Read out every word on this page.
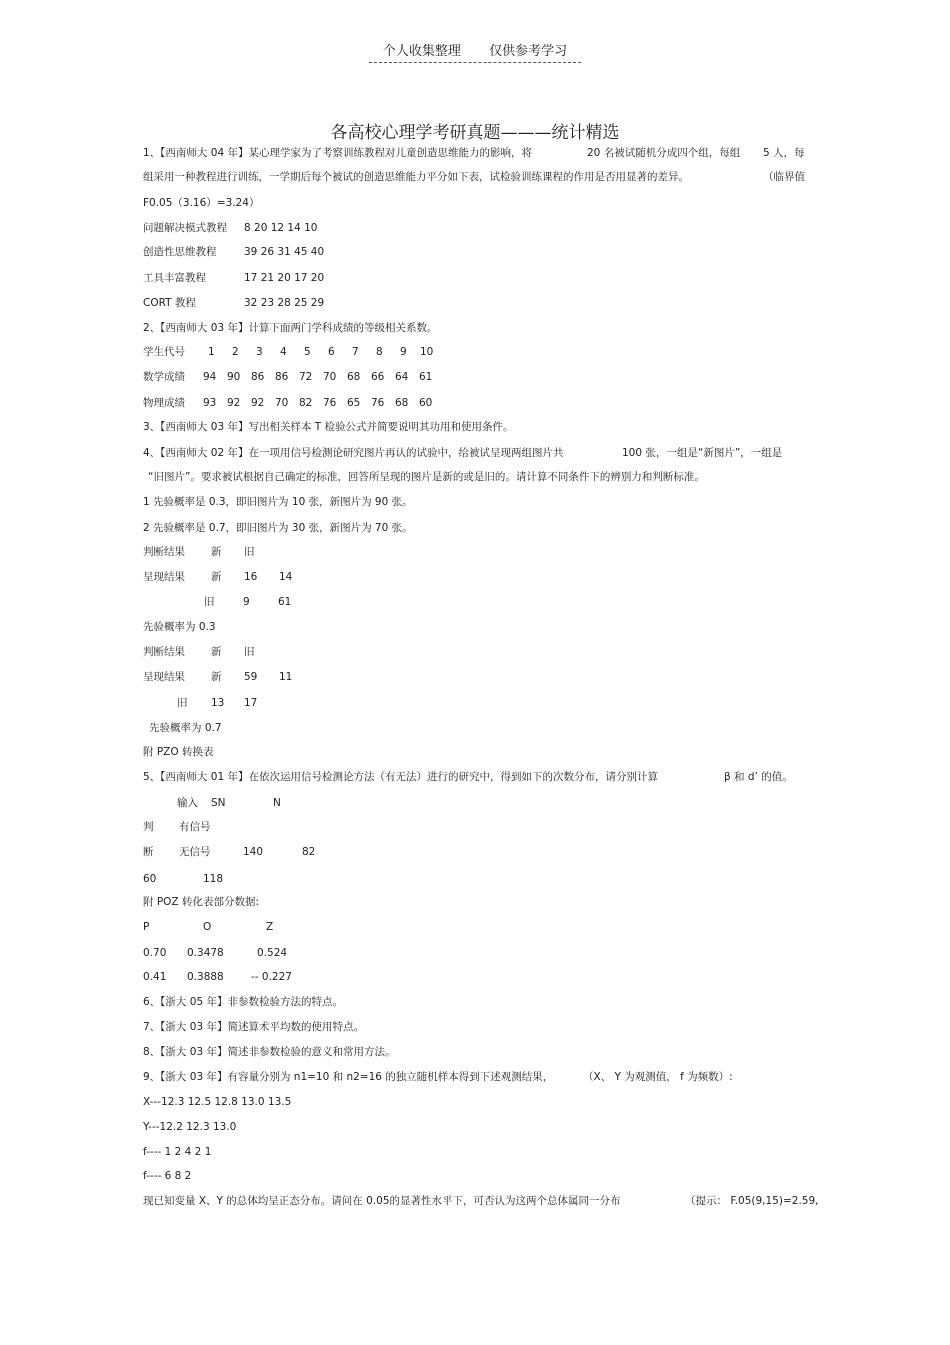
个人收集整理 仅供参考学习
各高校心理学考研真题———统计精选
1、【西南师大 04 年】某心理学家为了考察训练教程对儿童创造思维能力的影响，将	20 名被试随机分成四个组，每组 5 人，每
组采用一种教程进行训练，一学期后每个被试的创造思维能力平分如下表，试检验训练课程的作用是否用显著的差异。	（临界值
F0.05（3.16）=3.24）
问题解决模式教程 8 20 12 14 10
创造性思维教程	39 26 31 45 40
工具丰富教程	17 21 20 17 20
CORT 教程	32 23 28 25 29
2、【西南师大 03 年】计算下面两门学科成绩的等级相关系数。
学生代号 1 2 3 4 5 6 7 8 9 10
数学成绩 94 90 86 86 72 70 68 66 64 61
物理成绩 93 92 92 70 82 76 65 76 68 60
3、【西南师大 03 年】写出相关样本 T 检验公式并简要说明其功用和使用条件。
4、【西南师大 02 年】在一项用信号检测论研究图片再认的试验中，给被试呈现两组图片共	100 张，一组是“新图片”，一组是
“旧图片”。要求被试根据自己确定的标准，回答所呈现的图片是新的或是旧的。请计算不同条件下的辨别力和判断标准。
1 先验概率是 0.3，即旧图片为 10 张，新图片为 90 张。
2 先验概率是 0.7，即旧图片为 30 张，新图片为 70 张。
判断结果 新 旧
呈现结果 新 16 14
旧	9	61
先验概率为 0.3
判断结果 新 旧
呈现结果 新 59 11
旧 13 17
先验概率为 0.7
附 PZO 转换表
5、【西南师大 01 年】在依次运用信号检测论方法（有无法）进行的研究中，得到如下的次数分布，请分别计算	β 和 d’ 的值。
输入 SN	N
判 有信号
断 无信号	140	82
60	118
附 POZ 转化表部分数据:
P	O	Z
0.70 0.3478	0.524
0.41 0.3888	-- 0.227
6、【浙大 05 年】非参数检验方法的特点。
7、【浙大 03 年】简述算术平均数的使用特点。
8、【浙大 03 年】简述非参数检验的意义和常用方法。
9、【浙大 03 年】有容量分别为 n1=10 和 n2=16 的独立随机样本得到下述观测结果，	（X、 Y 为观测值， f 为频数）:
X---12.3 12.5 12.8 13.0 13.5
Y---12.2 12.3 13.0
f---- 1 2 4 2 1
f---- 6 8 2
现已知变量 X、Y 的总体均呈正态分布。请问在 0.05的显著性水平下，可否认为这两个总体属同一分布	（提示： F.05(9,15)=2.59,
